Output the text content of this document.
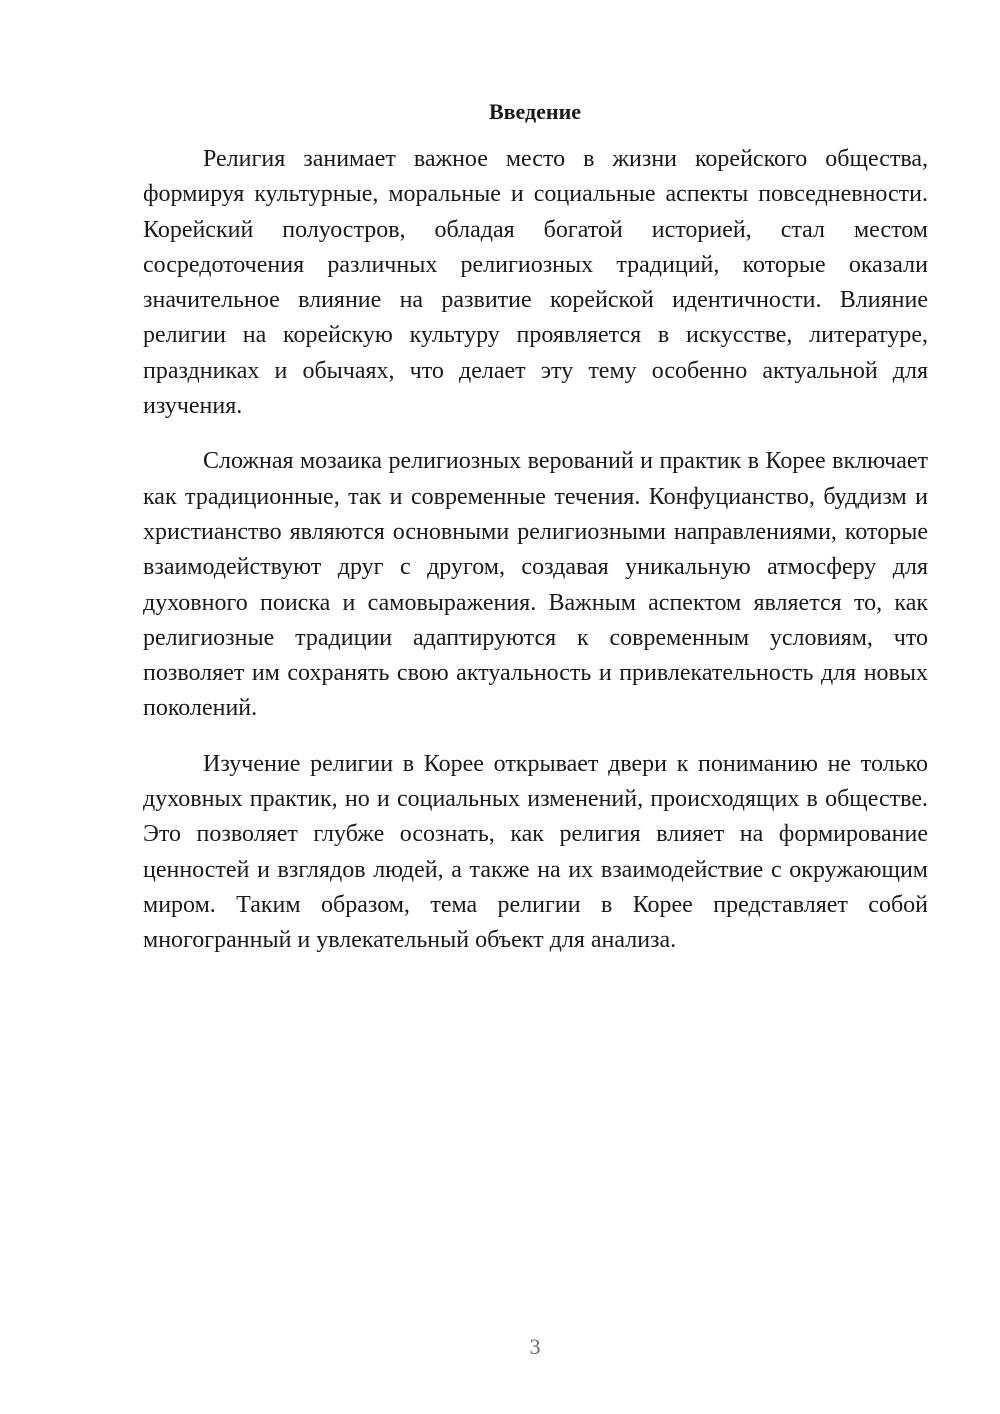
Введение

Религия занимает важное место в жизни корейского общества, формируя культурные, моральные и социальные аспекты повседневности. Корейский полуостров, обладая богатой историей, стал местом сосредоточения различных религиозных традиций, которые оказали значительное влияние на развитие корейской идентичности. Влияние религии на корейскую культуру проявляется в искусстве, литературе, праздниках и обычаях, что делает эту тему особенно актуальной для изучения.

Сложная мозаика религиозных верований и практик в Корее включает как традиционные, так и современные течения. Конфуцианство, буддизм и христианство являются основными религиозными направлениями, которые взаимодействуют друг с другом, создавая уникальную атмосферу для духовного поиска и самовыражения. Важным аспектом является то, как религиозные традиции адаптируются к современным условиям, что позволяет им сохранять свою актуальность и привлекательность для новых поколений.

Изучение религии в Корее открывает двери к пониманию не только духовных практик, но и социальных изменений, происходящих в обществе. Это позволяет глубже осознать, как религия влияет на формирование ценностей и взглядов людей, а также на их взаимодействие с окружающим миром. Таким образом, тема религии в Корее представляет собой многогранный и увлекательный объект для анализа.

3
